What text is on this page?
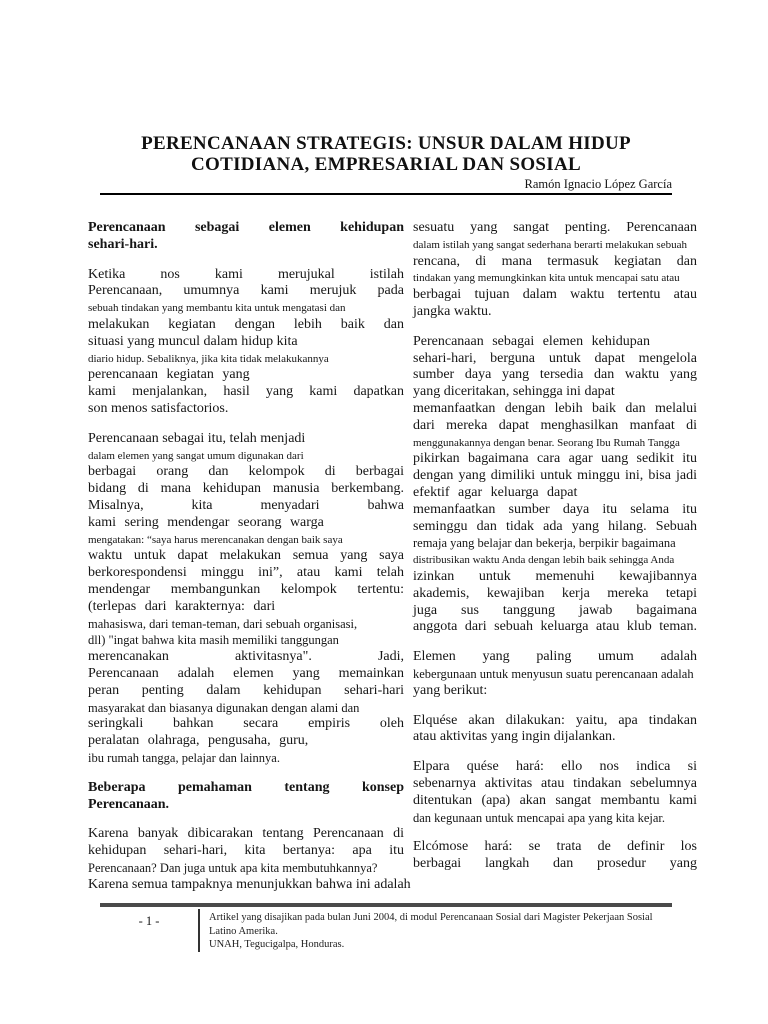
PERENCANAAN STRATEGIS: UNSUR DALAM HIDUP
COTIDIANA, EMPRESARIAL DAN SOSIAL
Ramón Ignacio López García
Perencanaan sebagai elemen kehidupan
sehari-hari.
Ketika nos kami merujukal istilah
Perencanaan, umumnya kami merujuk pada
sebuah tindakan yang membantu kita untuk mengatasi dan
melakukan kegiatan dengan lebih baik dan
situasi yang muncul dalam hidup kita
diario hidup. Sebaliknya, jika kita tidak melakukannya
perencanaan kegiatan yang
kami menjalankan, hasil yang kami dapatkan
son menos satisfactorios.
Perencanaan sebagai itu, telah menjadi
dalam elemen yang sangat umum digunakan dari
berbagai orang dan kelompok di berbagai
bidang di mana kehidupan manusia berkembang.
Misalnya, kita menyadari bahwa
kami sering mendengar seorang warga
mengatakan: “saya harus merencanakan dengan baik saya
waktu untuk dapat melakukan semua yang saya
berkorespondensi minggu ini”, atau kami telah
mendengar membangunkan kelompok tertentu:
(terlepas dari karakternya: dari
mahasiswa, dari teman-teman, dari sebuah organisasi,
dll) "ingat bahwa kita masih memiliki tanggungan
merencanakan aktivitasnya". Jadi,
Perencanaan adalah elemen yang memainkan
peran penting dalam kehidupan sehari-hari
masyarakat dan biasanya digunakan dengan alami dan
seringkali bahkan secara empiris oleh
peralatan olahraga, pengusaha, guru,
ibu rumah tangga, pelajar dan lainnya.
Beberapa pemahaman tentang konsep
Perencanaan.
Karena banyak dibicarakan tentang Perencanaan di
kehidupan sehari-hari, kita bertanya: apa itu
Perencanaan? Dan juga untuk apa kita membutuhkannya?
Karena semua tampaknya menunjukkan bahwa ini adalah
sesuatu yang sangat penting. Perencanaan
dalam istilah yang sangat sederhana berarti melakukan sebuah
rencana, di mana termasuk kegiatan dan
tindakan yang memungkinkan kita untuk mencapai satu atau
berbagai tujuan dalam waktu tertentu atau
jangka waktu.
Perencanaan sebagai elemen kehidupan
sehari-hari, berguna untuk dapat mengelola
sumber daya yang tersedia dan waktu yang
yang diceritakan, sehingga ini dapat
memanfaatkan dengan lebih baik dan melalui
dari mereka dapat menghasilkan manfaat di
menggunakannya dengan benar. Seorang Ibu Rumah Tangga
pikirkan bagaimana cara agar uang sedikit itu
dengan yang dimiliki untuk minggu ini, bisa jadi
efektif agar keluarga dapat
memanfaatkan sumber daya itu selama itu
seminggu dan tidak ada yang hilang. Sebuah
remaja yang belajar dan bekerja, berpikir bagaimana
distribusikan waktu Anda dengan lebih baik sehingga Anda
izinkan untuk memenuhi kewajibannya
akademis, kewajiban kerja mereka tetapi
juga sus tanggung jawab bagaimana
anggota dari sebuah keluarga atau klub teman.
Elemen yang paling umum adalah
kebergunaan untuk menyusun suatu perencanaan adalah
yang berikut:
Elquése akan dilakukan: yaitu, apa tindakan
atau aktivitas yang ingin dijalankan.
Elpara quése hará: ello nos indica si
sebenarnya aktivitas atau tindakan sebelumnya
ditentukan (apa) akan sangat membantu kami
dan kegunaan untuk mencapai apa yang kita kejar.
Elcómose hará: se trata de definir los
berbagai langkah dan prosedur yang
- 1 -	Artikel yang disajikan pada bulan Juni 2004, di modul Perencanaan Sosial dari Magister Pekerjaan Sosial Latino Amerika.
UNAH, Tegucigalpa, Honduras.
